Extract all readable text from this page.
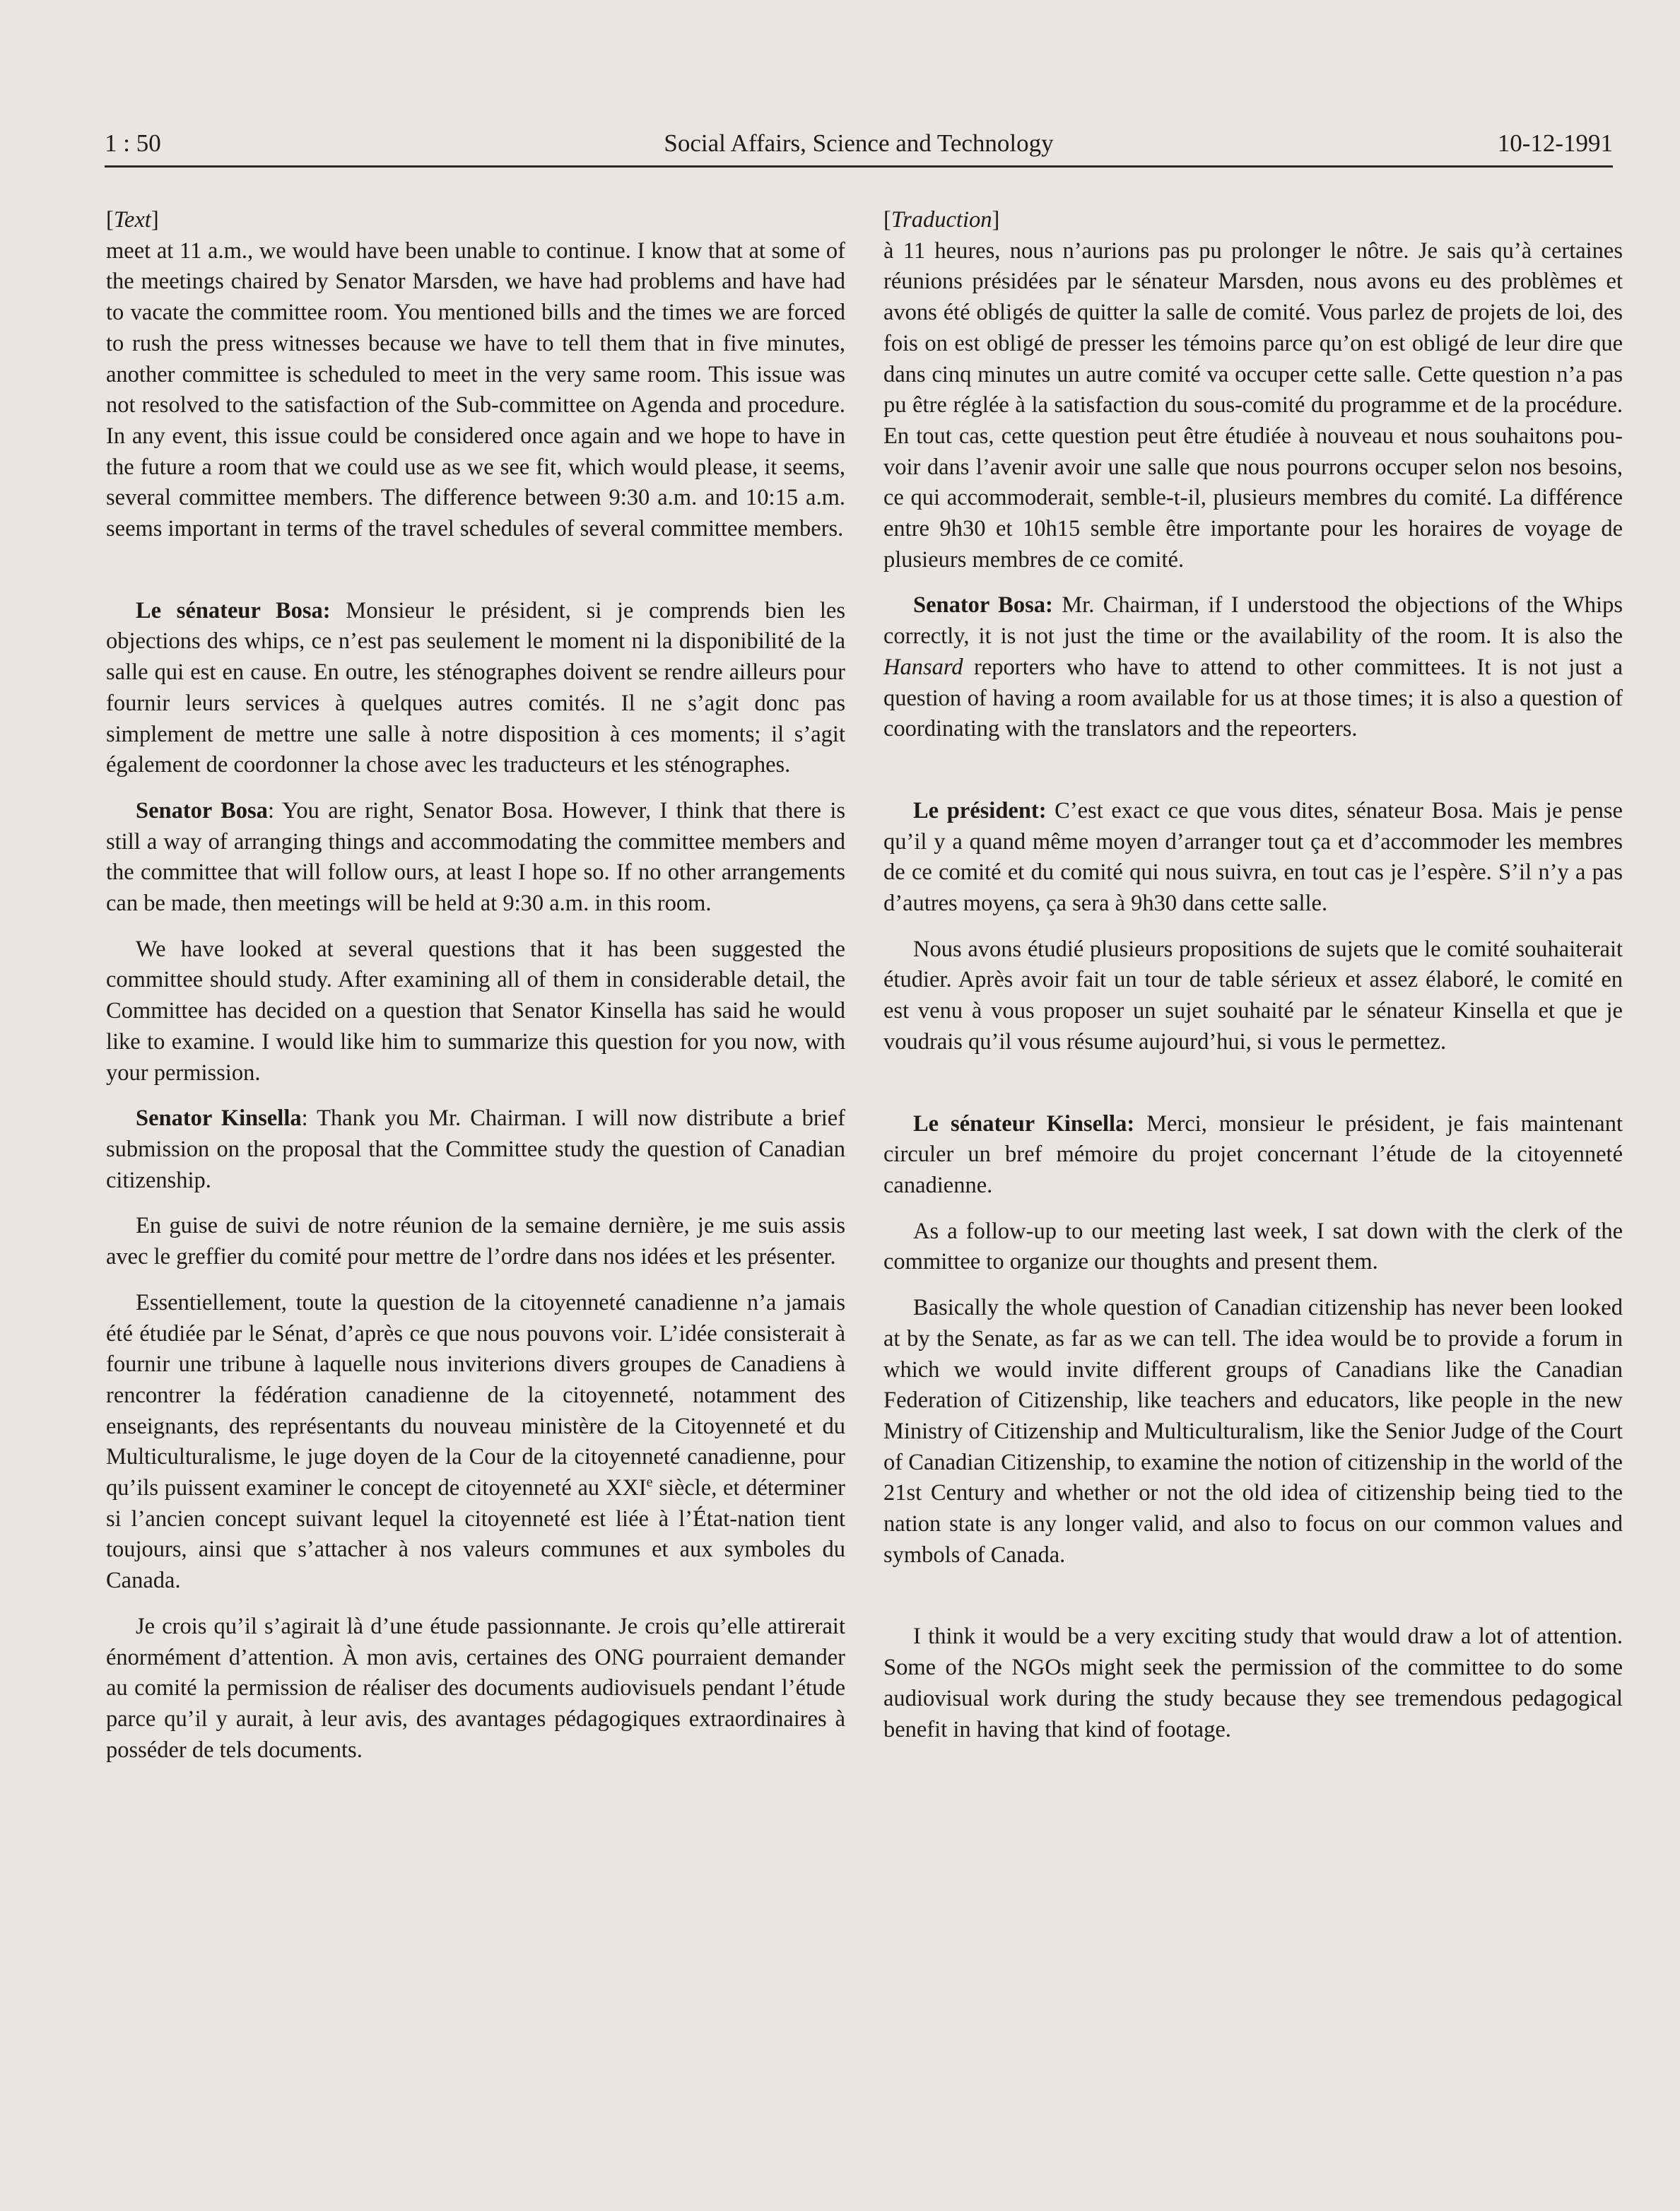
1 : 50	Social Affairs, Science and Technology	10-12-1991

[Text]

meet at 11 a.m., we would have been unable to continue. I know that at some of the meetings chaired by Senator Marsden, we have had problems and have had to vacate the committee room. You mentioned bills and the times we are forced to rush the press witnesses because we have to tell them that in five minutes, another committee is scheduled to meet in the very same room. This issue was not resolved to the satisfaction of the Sub-committee on Agenda and procedure. In any event, this issue could be considered once again and we hope to have in the future a room that we could use as we see fit, which would please, it seems, several committee members. The difference between 9:30 a.m. and 10:15 a.m. seems important in terms of the travel schedules of several committee members.

Le sénateur Bosa: Monsieur le président, si je comprends bien les objections des whips, ce n’est pas seulement le moment ni la disponibilité de la salle qui est en cause. En outre, les sténographes doivent se rendre ailleurs pour fournir leurs services à quelques autres comités. Il ne s’agit donc pas simplement de mettre une salle à notre disposition à ces moments; il s’agit également de coordonner la chose avec les traducteurs et les sténographes.

Senator Bosa: You are right, Senator Bosa. However, I think that there is still a way of arranging things and accommodating the committee members and the committee that will follow ours, at least I hope so. If no other arrangements can be made, then meetings will be held at 9:30 a.m. in this room.

We have looked at several questions that it has been suggested the committee should study. After examining all of them in considerable detail, the Committee has decided on a question that Senator Kinsella has said he would like to examine. I would like him to summarize this question for you now, with your permission.

Senator Kinsella: Thank you Mr. Chairman. I will now distribute a brief submission on the proposal that the Committee study the question of Canadian citizenship.

En guise de suivi de notre réunion de la semaine dernière, je me suis assis avec le greffier du comité pour mettre de l’ordre dans nos idées et les présenter.

Essentiellement, toute la question de la citoyenneté canadienne n’a jamais été étudiée par le Sénat, d’après ce que nous pouvons voir. L’idée consisterait à fournir une tribune à laquelle nous inviterions divers groupes de Canadiens à rencontrer la fédération canadienne de la citoyenneté, notamment des enseignants, des représentants du nouveau ministère de la Citoyenneté et du Multiculturalisme, le juge doyen de la Cour de la citoyenneté canadienne, pour qu’ils puissent examiner le concept de citoyenneté au XXIe siècle, et déterminer si l’ancien concept suivant lequel la citoyenneté est liée à l’État-nation tient toujours, ainsi que s’attacher à nos valeurs communes et aux symboles du Canada.

Je crois qu’il s’agirait là d’une étude passionnante. Je crois qu’elle attirerait énormément d’attention. À mon avis, certaines des ONG pourraient demander au comité la permission de réaliser des documents audiovisuels pendant l’étude parce qu’il y aurait, à leur avis, des avantages pédagogiques extraordinaires à posséder de tels documents.

[Traduction]

à 11 heures, nous n’aurions pas pu prolonger le nôtre. Je sais qu’à certaines réunions présidées par le sénateur Marsden, nous avons eu des problèmes et avons été obligés de quitter la salle de comité. Vous parlez de projets de loi, des fois on est obligé de presser les témoins parce qu’on est obligé de leur dire que dans cinq minutes un autre comité va occuper cette salle. Cette question n’a pas pu être réglée à la satisfaction du sous-comité du programme et de la procédure. En tout cas, cette question peut être étudiée à nouveau et nous souhaitons pouvoir dans l’avenir avoir une salle que nous pourrons occuper selon nos besoins, ce qui accommoderait, semble-t-il, plusieurs membres du comité. La différence entre 9h30 et 10h15 semble être importante pour les horaires de voyage de plusieurs membres de ce comité.

Senator Bosa: Mr. Chairman, if I understood the objections of the Whips correctly, it is not just the time or the availability of the room. It is also the Hansard reporters who have to attend to other committees. It is not just a question of having a room available for us at those times; it is also a question of coordinating with the translators and the repeorters.

Le président: C’est exact ce que vous dites, sénateur Bosa. Mais je pense qu’il y a quand même moyen d’arranger tout ça et d’accommoder les membres de ce comité et du comité qui nous suivra, en tout cas je l’espère. S’il n’y a pas d’autres moyens, ça sera à 9h30 dans cette salle.

Nous avons étudié plusieurs propositions de sujets que le comité souhaiterait étudier. Après avoir fait un tour de table sérieux et assez élaboré, le comité en est venu à vous proposer un sujet souhaité par le sénateur Kinsella et que je voudrais qu’il vous résume aujourd’hui, si vous le permettez.

Le sénateur Kinsella: Merci, monsieur le président, je fais maintenant circuler un bref mémoire du projet concernant l’étude de la citoyenneté canadienne.

As a follow-up to our meeting last week, I sat down with the clerk of the committee to organize our thoughts and present them.

Basically the whole question of Canadian citizenship has never been looked at by the Senate, as far as we can tell. The idea would be to provide a forum in which we would invite different groups of Canadians like the Canadian Federation of Citizenship, like teachers and educators, like people in the new Ministry of Citizenship and Multiculturalism, like the Senior Judge of the Court of Canadian Citizenship, to examine the notion of citizenship in the world of the 21st Century and whether or not the old idea of citizenship being tied to the nation state is any longer valid, and also to focus on our common values and symbols of Canada.

I think it would be a very exciting study that would draw a lot of attention. Some of the NGOs might seek the permission of the committee to do some audiovisual work during the study because they see tremendous pedagogical benefit in having that kind of footage.
